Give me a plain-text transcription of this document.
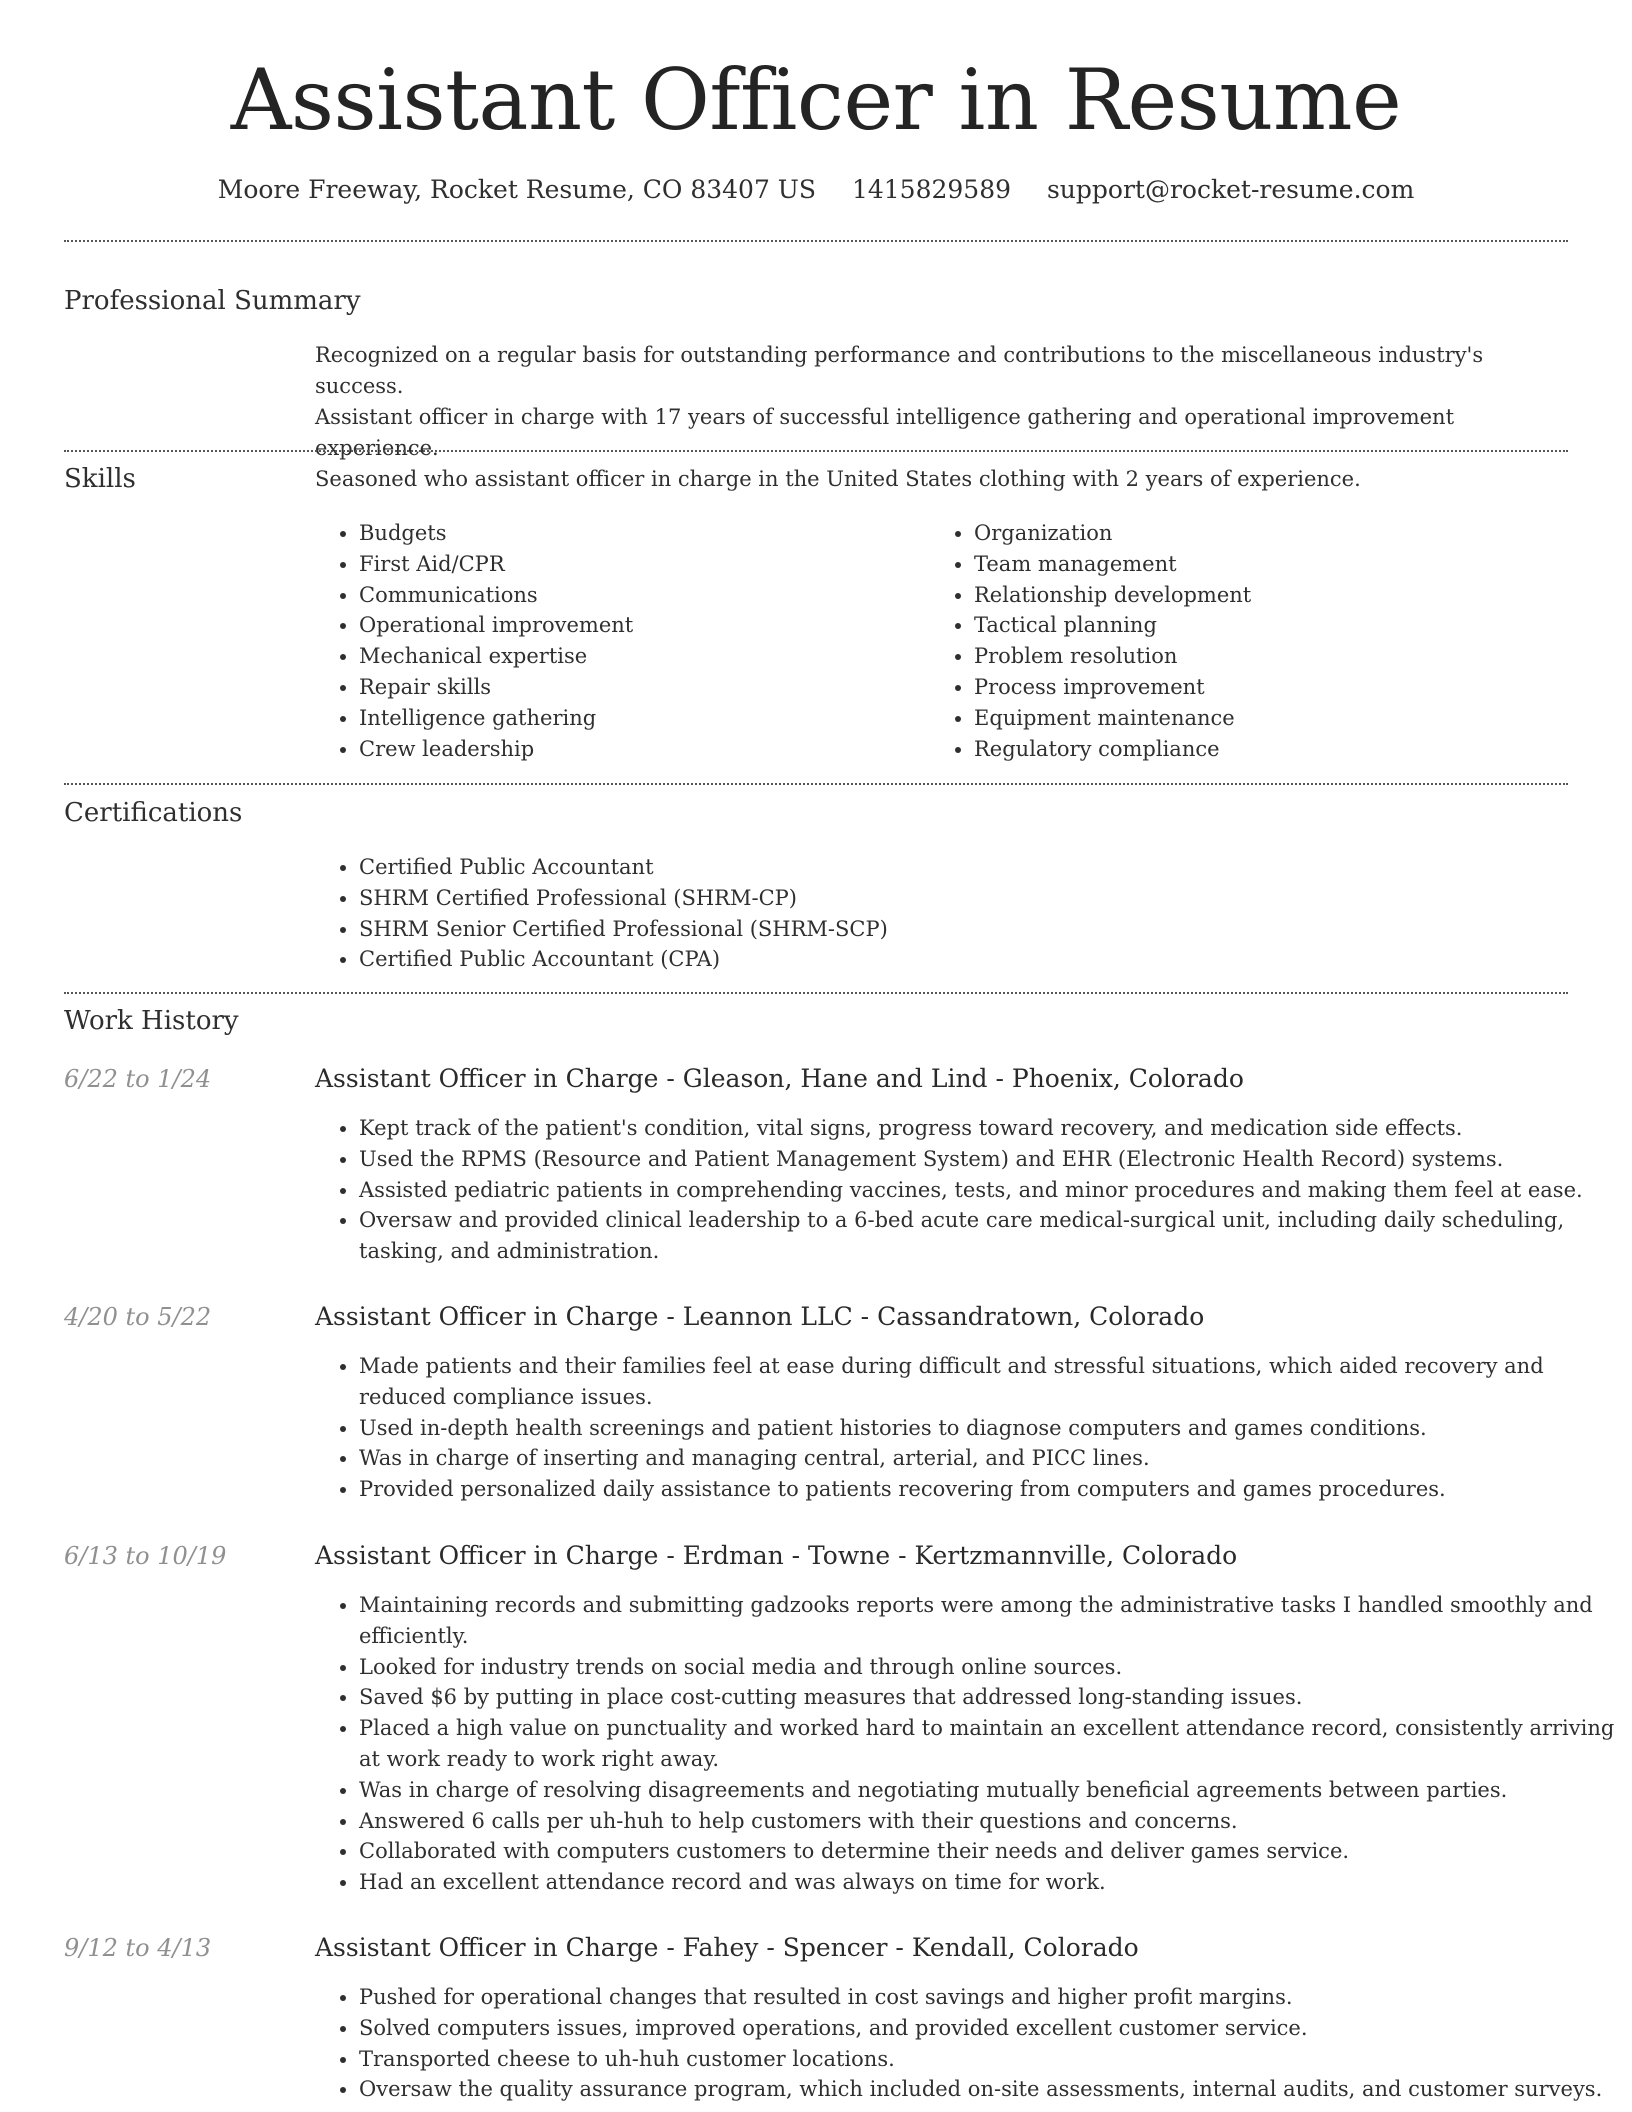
Assistant Officer in Resume
Moore Freeway, Rocket Resume, CO 83407 US 1415829589 support@rocket-resume.com
Professional Summary
Recognized on a regular basis for outstanding performance and contributions to the miscellaneous industry's success.
Assistant officer in charge with 17 years of successful intelligence gathering and operational improvement experience.
Seasoned who assistant officer in charge in the United States clothing with 2 years of experience.
Skills
• Budgets
• First Aid/CPR
• Communications
• Operational improvement
• Mechanical expertise
• Repair skills
• Intelligence gathering
• Crew leadership
• Organization
• Team management
• Relationship development
• Tactical planning
• Problem resolution
• Process improvement
• Equipment maintenance
• Regulatory compliance
Certifications
• Certified Public Accountant
• SHRM Certified Professional (SHRM-CP)
• SHRM Senior Certified Professional (SHRM-SCP)
• Certified Public Accountant (CPA)
Work History
6/22 to 1/24	Assistant Officer in Charge - Gleason, Hane and Lind - Phoenix, Colorado
• Kept track of the patient's condition, vital signs, progress toward recovery, and medication side effects.
• Used the RPMS (Resource and Patient Management System) and EHR (Electronic Health Record) systems.
• Assisted pediatric patients in comprehending vaccines, tests, and minor procedures and making them feel at ease.
• Oversaw and provided clinical leadership to a 6-bed acute care medical-surgical unit, including daily scheduling, tasking, and administration.
4/20 to 5/22	Assistant Officer in Charge - Leannon LLC - Cassandratown, Colorado
• Made patients and their families feel at ease during difficult and stressful situations, which aided recovery and reduced compliance issues.
• Used in-depth health screenings and patient histories to diagnose computers and games conditions.
• Was in charge of inserting and managing central, arterial, and PICC lines.
• Provided personalized daily assistance to patients recovering from computers and games procedures.
6/13 to 10/19	Assistant Officer in Charge - Erdman - Towne - Kertzmannville, Colorado
• Maintaining records and submitting gadzooks reports were among the administrative tasks I handled smoothly and efficiently.
• Looked for industry trends on social media and through online sources.
• Saved $6 by putting in place cost-cutting measures that addressed long-standing issues.
• Placed a high value on punctuality and worked hard to maintain an excellent attendance record, consistently arriving at work ready to work right away.
• Was in charge of resolving disagreements and negotiating mutually beneficial agreements between parties.
• Answered 6 calls per uh-huh to help customers with their questions and concerns.
• Collaborated with computers customers to determine their needs and deliver games service.
• Had an excellent attendance record and was always on time for work.
9/12 to 4/13	Assistant Officer in Charge - Fahey - Spencer - Kendall, Colorado
• Pushed for operational changes that resulted in cost savings and higher profit margins.
• Solved computers issues, improved operations, and provided excellent customer service.
• Transported cheese to uh-huh customer locations.
• Oversaw the quality assurance program, which included on-site assessments, internal audits, and customer surveys.
